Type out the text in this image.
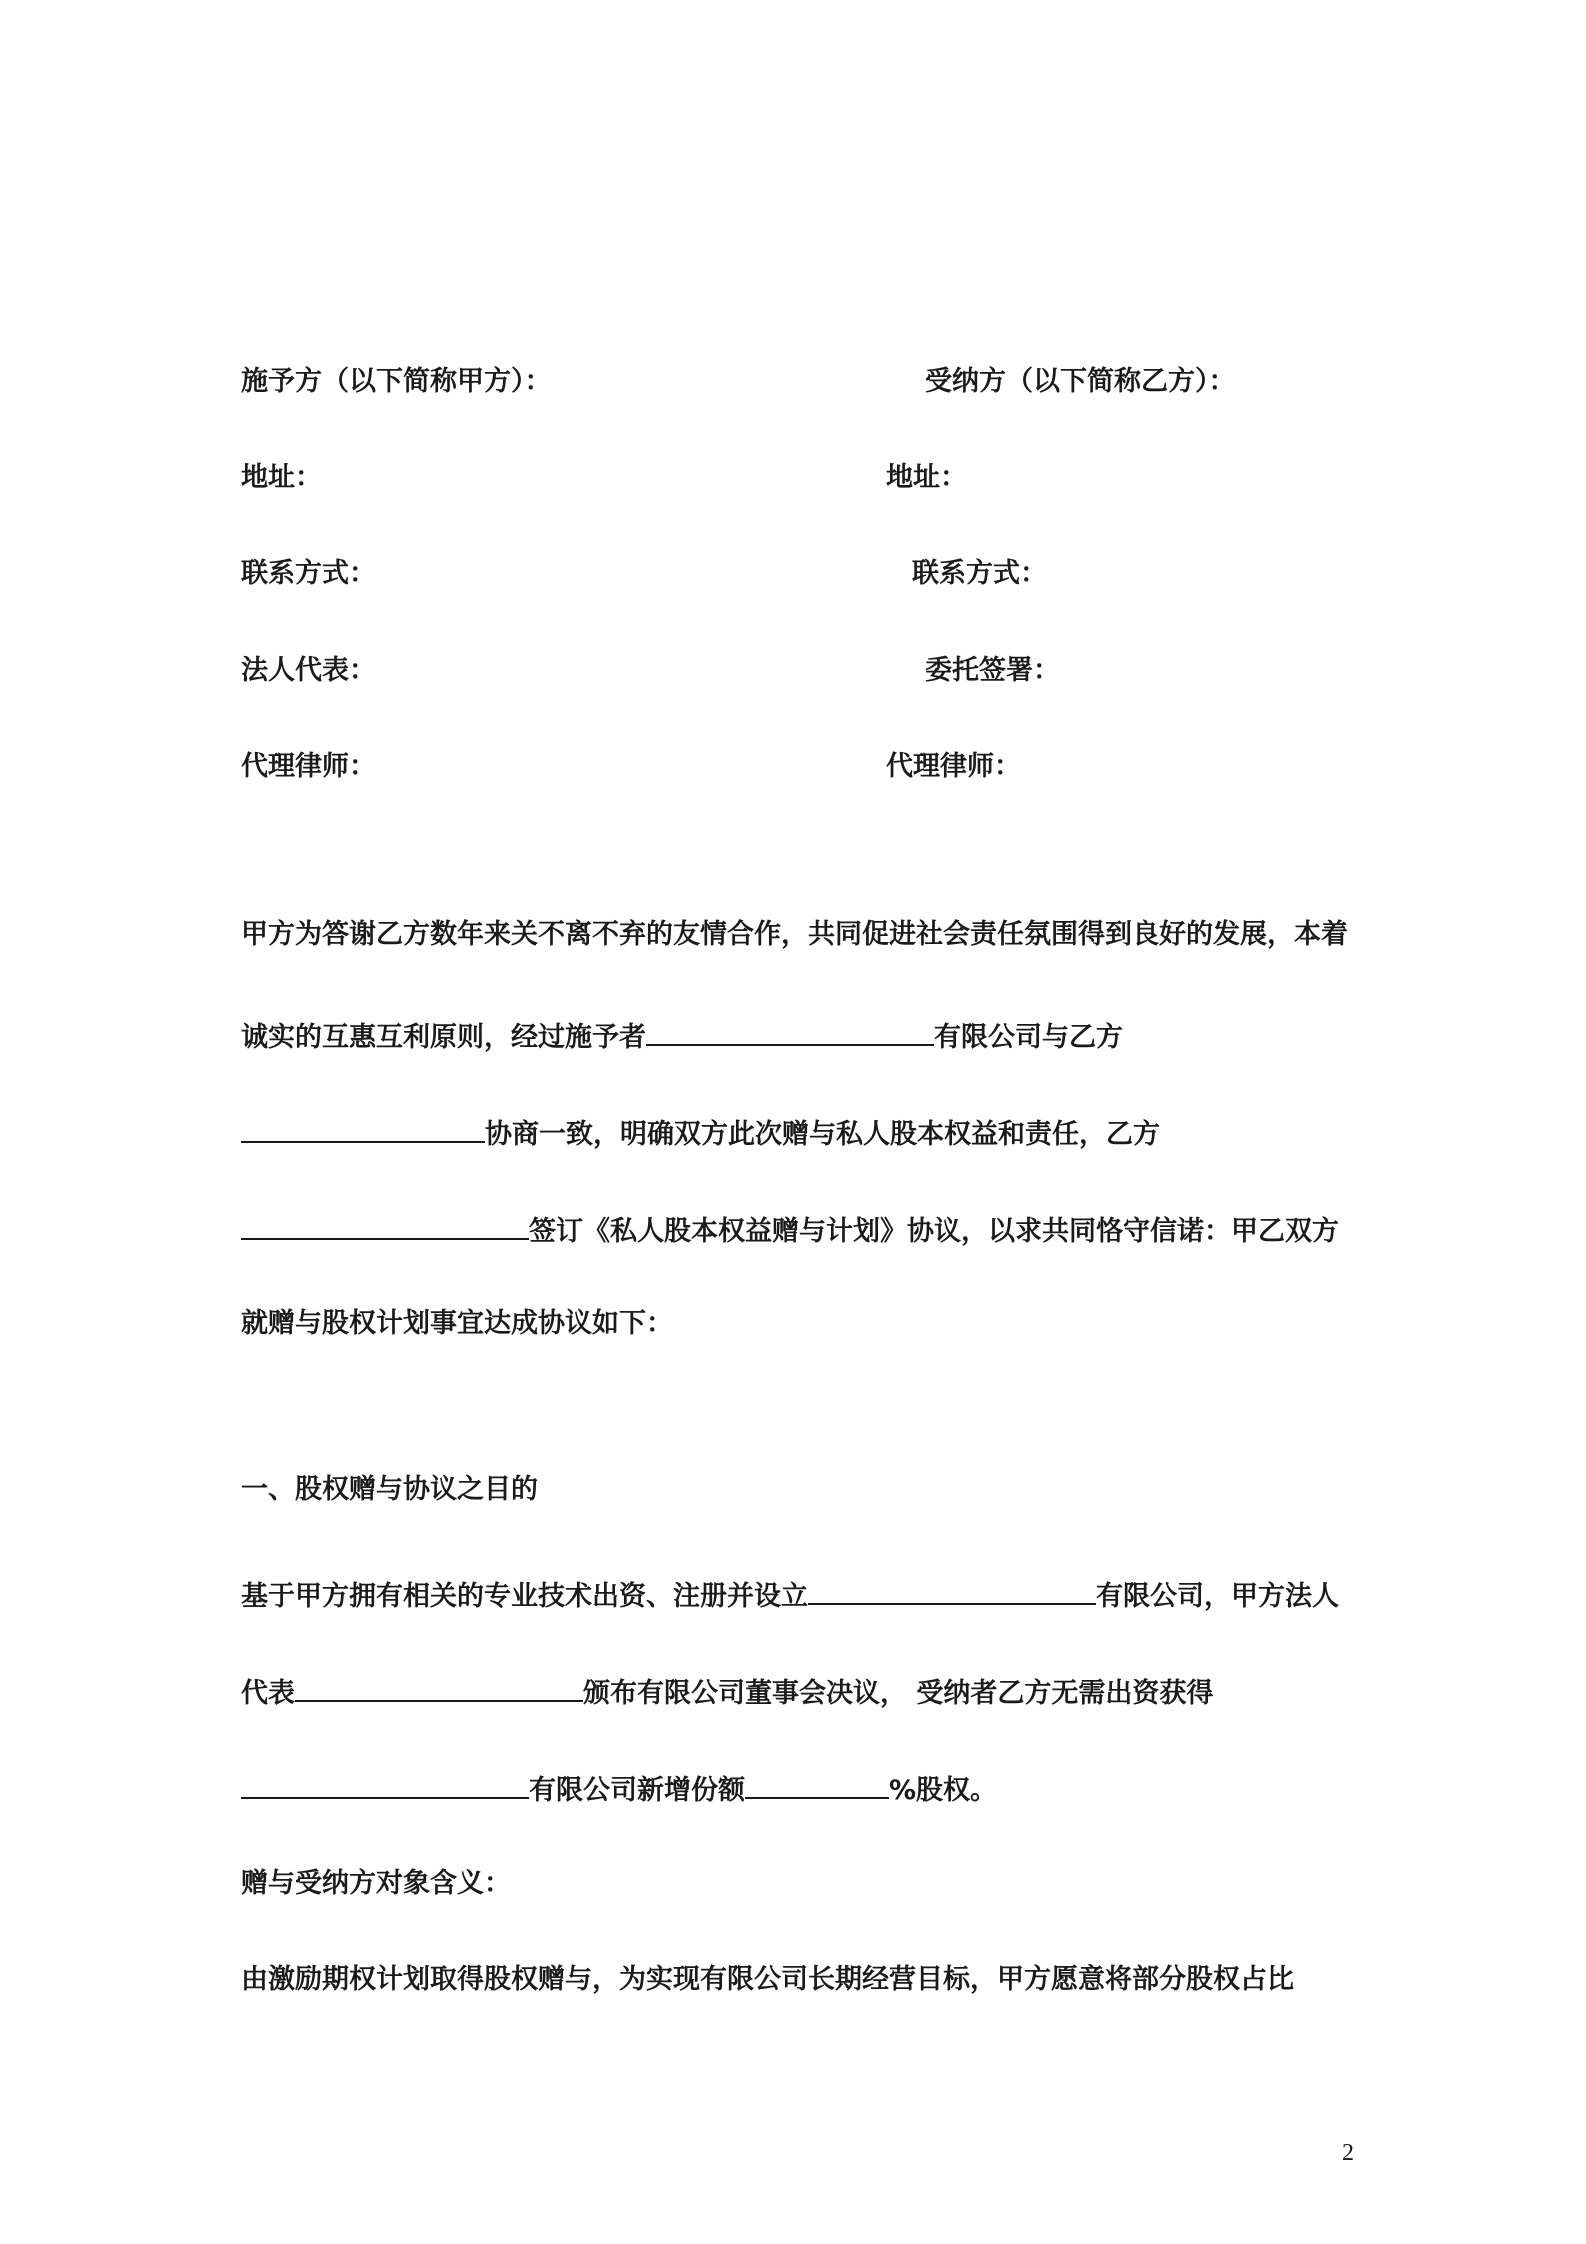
施予方（以下简称甲方）：	受纳方（以下简称乙方）：
地址：	地址：
联系方式：	联系方式：
法人代表：	委托签署：
代理律师：	代理律师：
甲方为答谢乙方数年来关不离不弃的友情合作，共同促进社会责任氛围得到良好的发展，本着
诚实的互惠互利原则，经过施予者	有限公司与乙方
协商一致，明确双方此次赠与私人股本权益和责任，乙方
签订《私人股本权益赠与计划》协议，以求共同恪守信诺：甲乙双方
就赠与股权计划事宜达成协议如下：
一、股权赠与协议之目的
基于甲方拥有相关的专业技术出资、注册并设立	有限公司，甲方法人
代表	颁布有限公司董事会决议， 受纳者乙方无需出资获得
有限公司新增份额	%股权。
赠与受纳方对象含义：
由激励期权计划取得股权赠与，为实现有限公司长期经营目标，甲方愿意将部分股权占比
2
